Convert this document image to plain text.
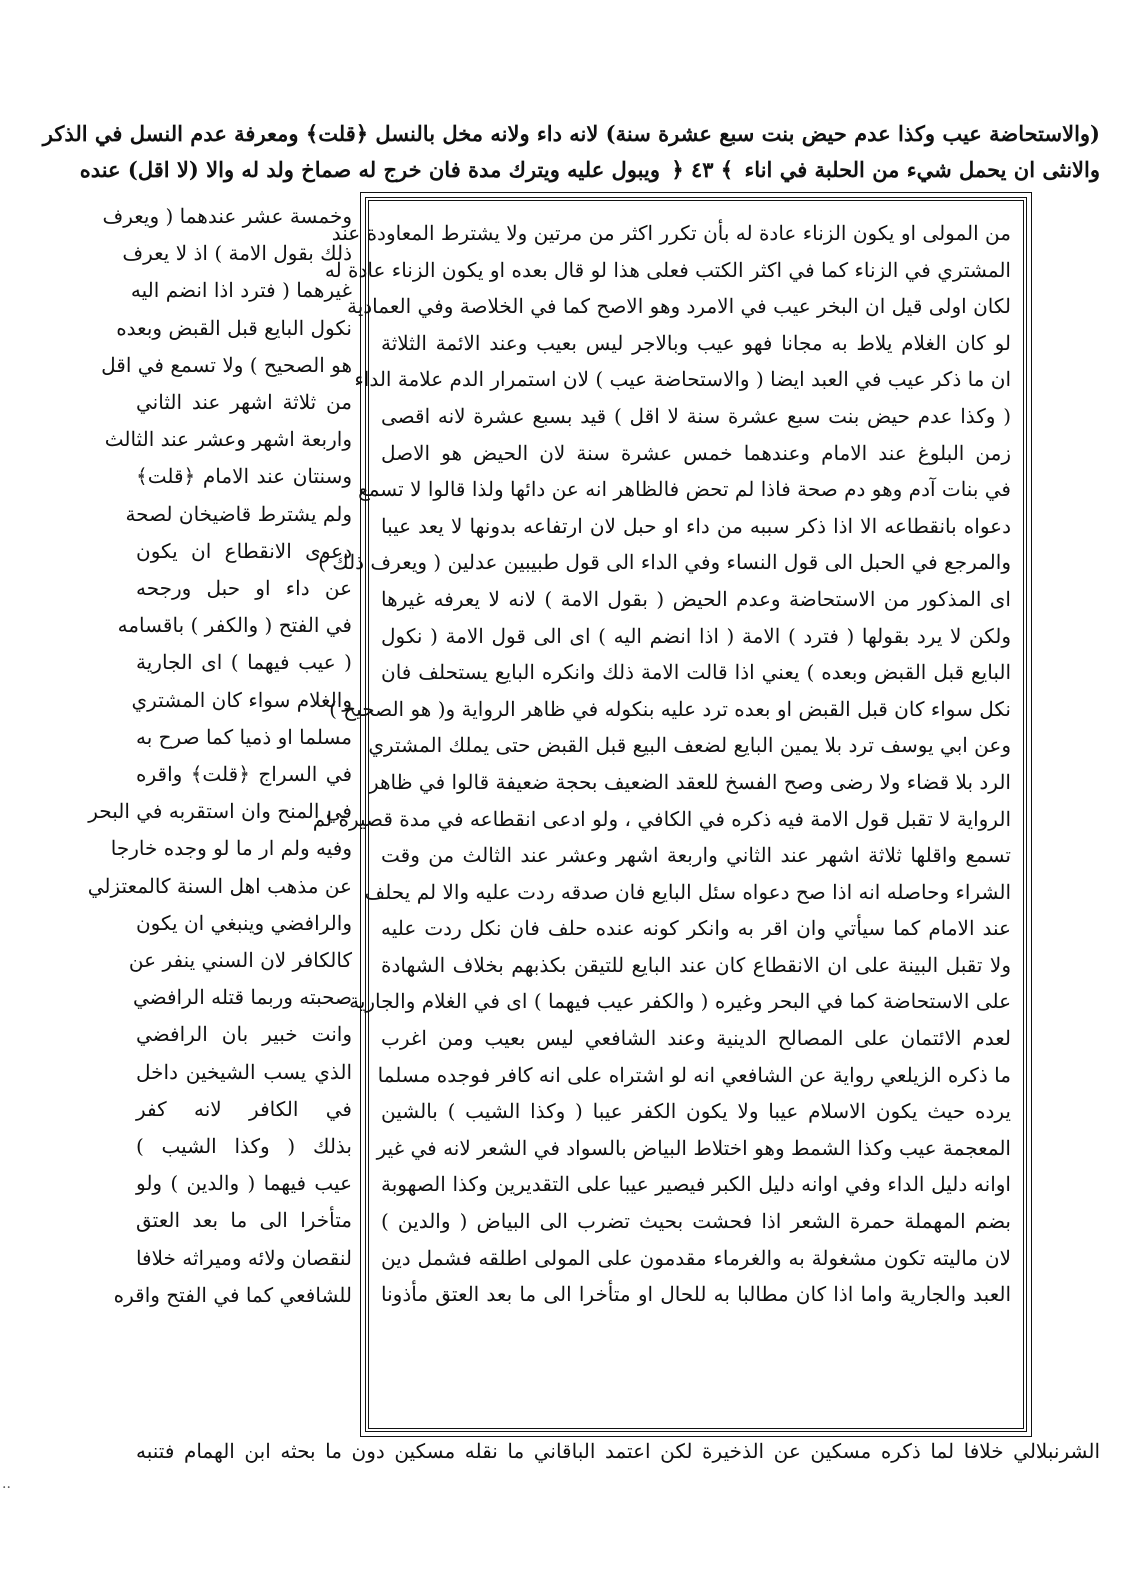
(والاستحاضة عيب وكذا عدم حيض بنت سبع عشرة سنة) لانه داء ولانه مخل بالنسل ﴿قلت﴾ ومعرفة عدم النسل في الذكر
والانثى ان يحمل شيء من الحلبة في اناء ﴾ ٤٣ ﴿ ويبول عليه ويترك مدة فان خرج له صماخ ولد له والا (لا اقل) عنده
من المولى او يكون الزناء عادة له بأن تكرر اكثر من مرتين ولا يشترط المعاودة عند
المشتري في الزناء كما في اكثر الكتب فعلى هذا لو قال بعده او يكون الزناء عادة له
لكان اولى قيل ان البخر عيب في الامرد وهو الاصح كما في الخلاصة وفي العمادية
لو كان الغلام يلاط به مجانا فهو عيب وبالاجر ليس بعيب وعند الائمة الثلاثة
ان ما ذكر عيب في العبد ايضا ( والاستحاضة عيب ) لان استمرار الدم علامة الداء
( وكذا عدم حيض بنت سبع عشرة سنة لا اقل ) قيد بسبع عشرة لانه اقصى
زمن البلوغ عند الامام وعندهما خمس عشرة سنة لان الحيض هو الاصل
في بنات آدم وهو دم صحة فاذا لم تحض فالظاهر انه عن دائها ولذا قالوا لا تسمع
دعواه بانقطاعه الا اذا ذكر سببه من داء او حبل لان ارتفاعه بدونها لا يعد عيبا
والمرجع في الحبل الى قول النساء وفي الداء الى قول طبيبين عدلين ( ويعرف ذلك )
اى المذكور من الاستحاضة وعدم الحيض ( بقول الامة ) لانه لا يعرفه غيرها
ولكن لا يرد بقولها ( فترد ) الامة ( اذا انضم اليه ) اى الى قول الامة ( نكول
البايع قبل القبض وبعده ) يعني اذا قالت الامة ذلك وانكره البايع يستحلف فان
نكل سواء كان قبل القبض او بعده ترد عليه بنكوله في ظاهر الرواية و( هو الصحيح )
وعن ابي يوسف ترد بلا يمين البايع لضعف البيع قبل القبض حتى يملك المشتري
الرد بلا قضاء ولا رضى وصح الفسخ للعقد الضعيف بحجة ضعيفة قالوا في ظاهر
الرواية لا تقبل قول الامة فيه ذكره في الكافي ، ولو ادعى انقطاعه في مدة قصيرة لم
تسمع واقلها ثلاثة اشهر عند الثاني واربعة اشهر وعشر عند الثالث من وقت
الشراء وحاصله انه اذا صح دعواه سئل البايع فان صدقه ردت عليه والا لم يحلف
عند الامام كما سيأتي وان اقر به وانكر كونه عنده حلف فان نكل ردت عليه
ولا تقبل البينة على ان الانقطاع كان عند البايع للتيقن بكذبهم بخلاف الشهادة
على الاستحاضة كما في البحر وغيره ( والكفر عيب فيهما ) اى في الغلام والجارية
لعدم الائتمان على المصالح الدينية وعند الشافعي ليس بعيب ومن اغرب
ما ذكره الزيلعي رواية عن الشافعي انه لو اشتراه على انه كافر فوجده مسلما
يرده حيث يكون الاسلام عيبا ولا يكون الكفر عيبا ( وكذا الشيب ) بالشين
المعجمة عيب وكذا الشمط وهو اختلاط البياض بالسواد في الشعر لانه في غير
اوانه دليل الداء وفي اوانه دليل الكبر فيصير عيبا على التقديرين وكذا الصهوبة
بضم المهملة حمرة الشعر اذا فحشت بحيث تضرب الى البياض ( والدين )
لان ماليته تكون مشغولة به والغرماء مقدمون على المولى اطلقه فشمل دين
العبد والجارية واما اذا كان مطالبا به للحال او متأخرا الى ما بعد العتق مأذونا
وخمسة عشر عندهما ( ويعرف
ذلك بقول الامة ) اذ لا يعرف
غيرهما ( فترد اذا انضم اليه
نكول البايع قبل القبض وبعده
هو الصحيح ) ولا تسمع في اقل
من ثلاثة اشهر عند الثاني
واربعة اشهر وعشر عند الثالث
وسنتان عند الامام ﴿قلت﴾
ولم يشترط قاضيخان لصحة
دعوى الانقطاع ان يكون
عن داء او حبل ورجحه
في الفتح ( والكفر ) باقسامه
( عيب فيهما ) اى الجارية
والغلام سواء كان المشتري
مسلما او ذميا كما صرح به
في السراج ﴿قلت﴾ واقره
في المنح وان استقربه في البحر
وفيه ولم ار ما لو وجده خارجا
عن مذهب اهل السنة كالمعتزلي
والرافضي وينبغي ان يكون
كالكافر لان السني ينفر عن
صحبته وربما قتله الرافضي
وانت خبير بان الرافضي
الذي يسب الشيخين داخل
في الكافر لانه كفر
بذلك ( وكذا الشيب )
عيب فيهما ( والدين ) ولو
متأخرا الى ما بعد العتق
لنقصان ولائه وميراثه خلافا
للشافعي كما في الفتح واقره
الشرنبلالي خلافا لما ذكره مسكين عن الذخيرة لكن اعتمد الباقاني ما نقله مسكين دون ما بحثه ابن الهمام فتنبه
··
